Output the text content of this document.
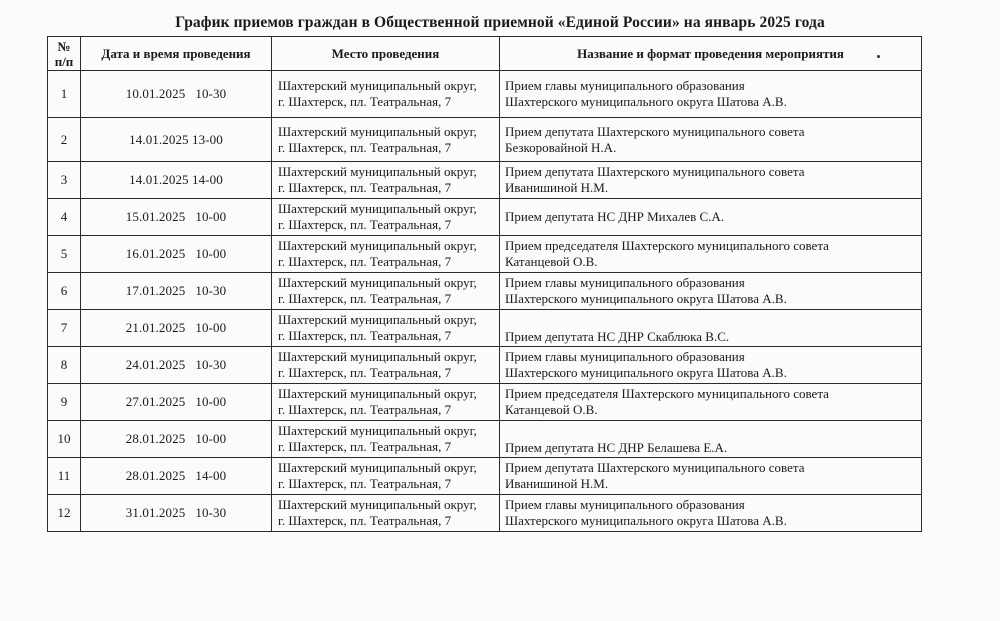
График приемов граждан в Общественной приемной «Единой России» на январь 2025 года
№
п/п	Дата и время проведения	Место проведения	Название и формат проведения мероприятия
1	10.01.2025   10-30	Шахтерский муниципальный округ,
г. Шахтерск, пл. Театральная, 7	Прием главы муниципального образования
Шахтерского муниципального округа Шатова А.В.

2	14.01.2025 13-00	Шахтерский муниципальный округ,
г. Шахтерск, пл. Театральная, 7	Прием депутата Шахтерского муниципального совета
Безкоровайной Н.А.

3	14.01.2025 14-00	Шахтерский муниципальный округ,
г. Шахтерск, пл. Театральная, 7	Прием депутата Шахтерского муниципального совета
Иванишиной Н.М.

4	15.01.2025   10-00	Шахтерский муниципальный округ,
г. Шахтерск, пл. Театральная, 7	Прием депутата НС ДНР Михалев С.А.

5	16.01.2025   10-00	Шахтерский муниципальный округ,
г. Шахтерск, пл. Театральная, 7	Прием председателя Шахтерского муниципального совета
Катанцевой О.В.

6	17.01.2025   10-30	Шахтерский муниципальный округ,
г. Шахтерск, пл. Театральная, 7	Прием главы муниципального образования
Шахтерского муниципального округа Шатова А.В.

7	21.01.2025   10-00	Шахтерский муниципальный округ,
г. Шахтерск, пл. Театральная, 7	Прием депутата НС ДНР Скаблюка В.С.

8	24.01.2025   10-30	Шахтерский муниципальный округ,
г. Шахтерск, пл. Театральная, 7	Прием главы муниципального образования
Шахтерского муниципального округа Шатова А.В.

9	27.01.2025   10-00	Шахтерский муниципальный округ,
г. Шахтерск, пл. Театральная, 7	Прием председателя Шахтерского муниципального совета
Катанцевой О.В.

10	28.01.2025   10-00	Шахтерский муниципальный округ,
г. Шахтерск, пл. Театральная, 7	Прием депутата НС ДНР Белашева Е.А.

11	28.01.2025   14-00	Шахтерский муниципальный округ,
г. Шахтерск, пл. Театральная, 7	Прием депутата Шахтерского муниципального совета
Иванишиной Н.М.

12	31.01.2025   10-30	Шахтерский муниципальный округ,
г. Шахтерск, пл. Театральная, 7	Прием главы муниципального образования
Шахтерского муниципального округа Шатова А.В.
